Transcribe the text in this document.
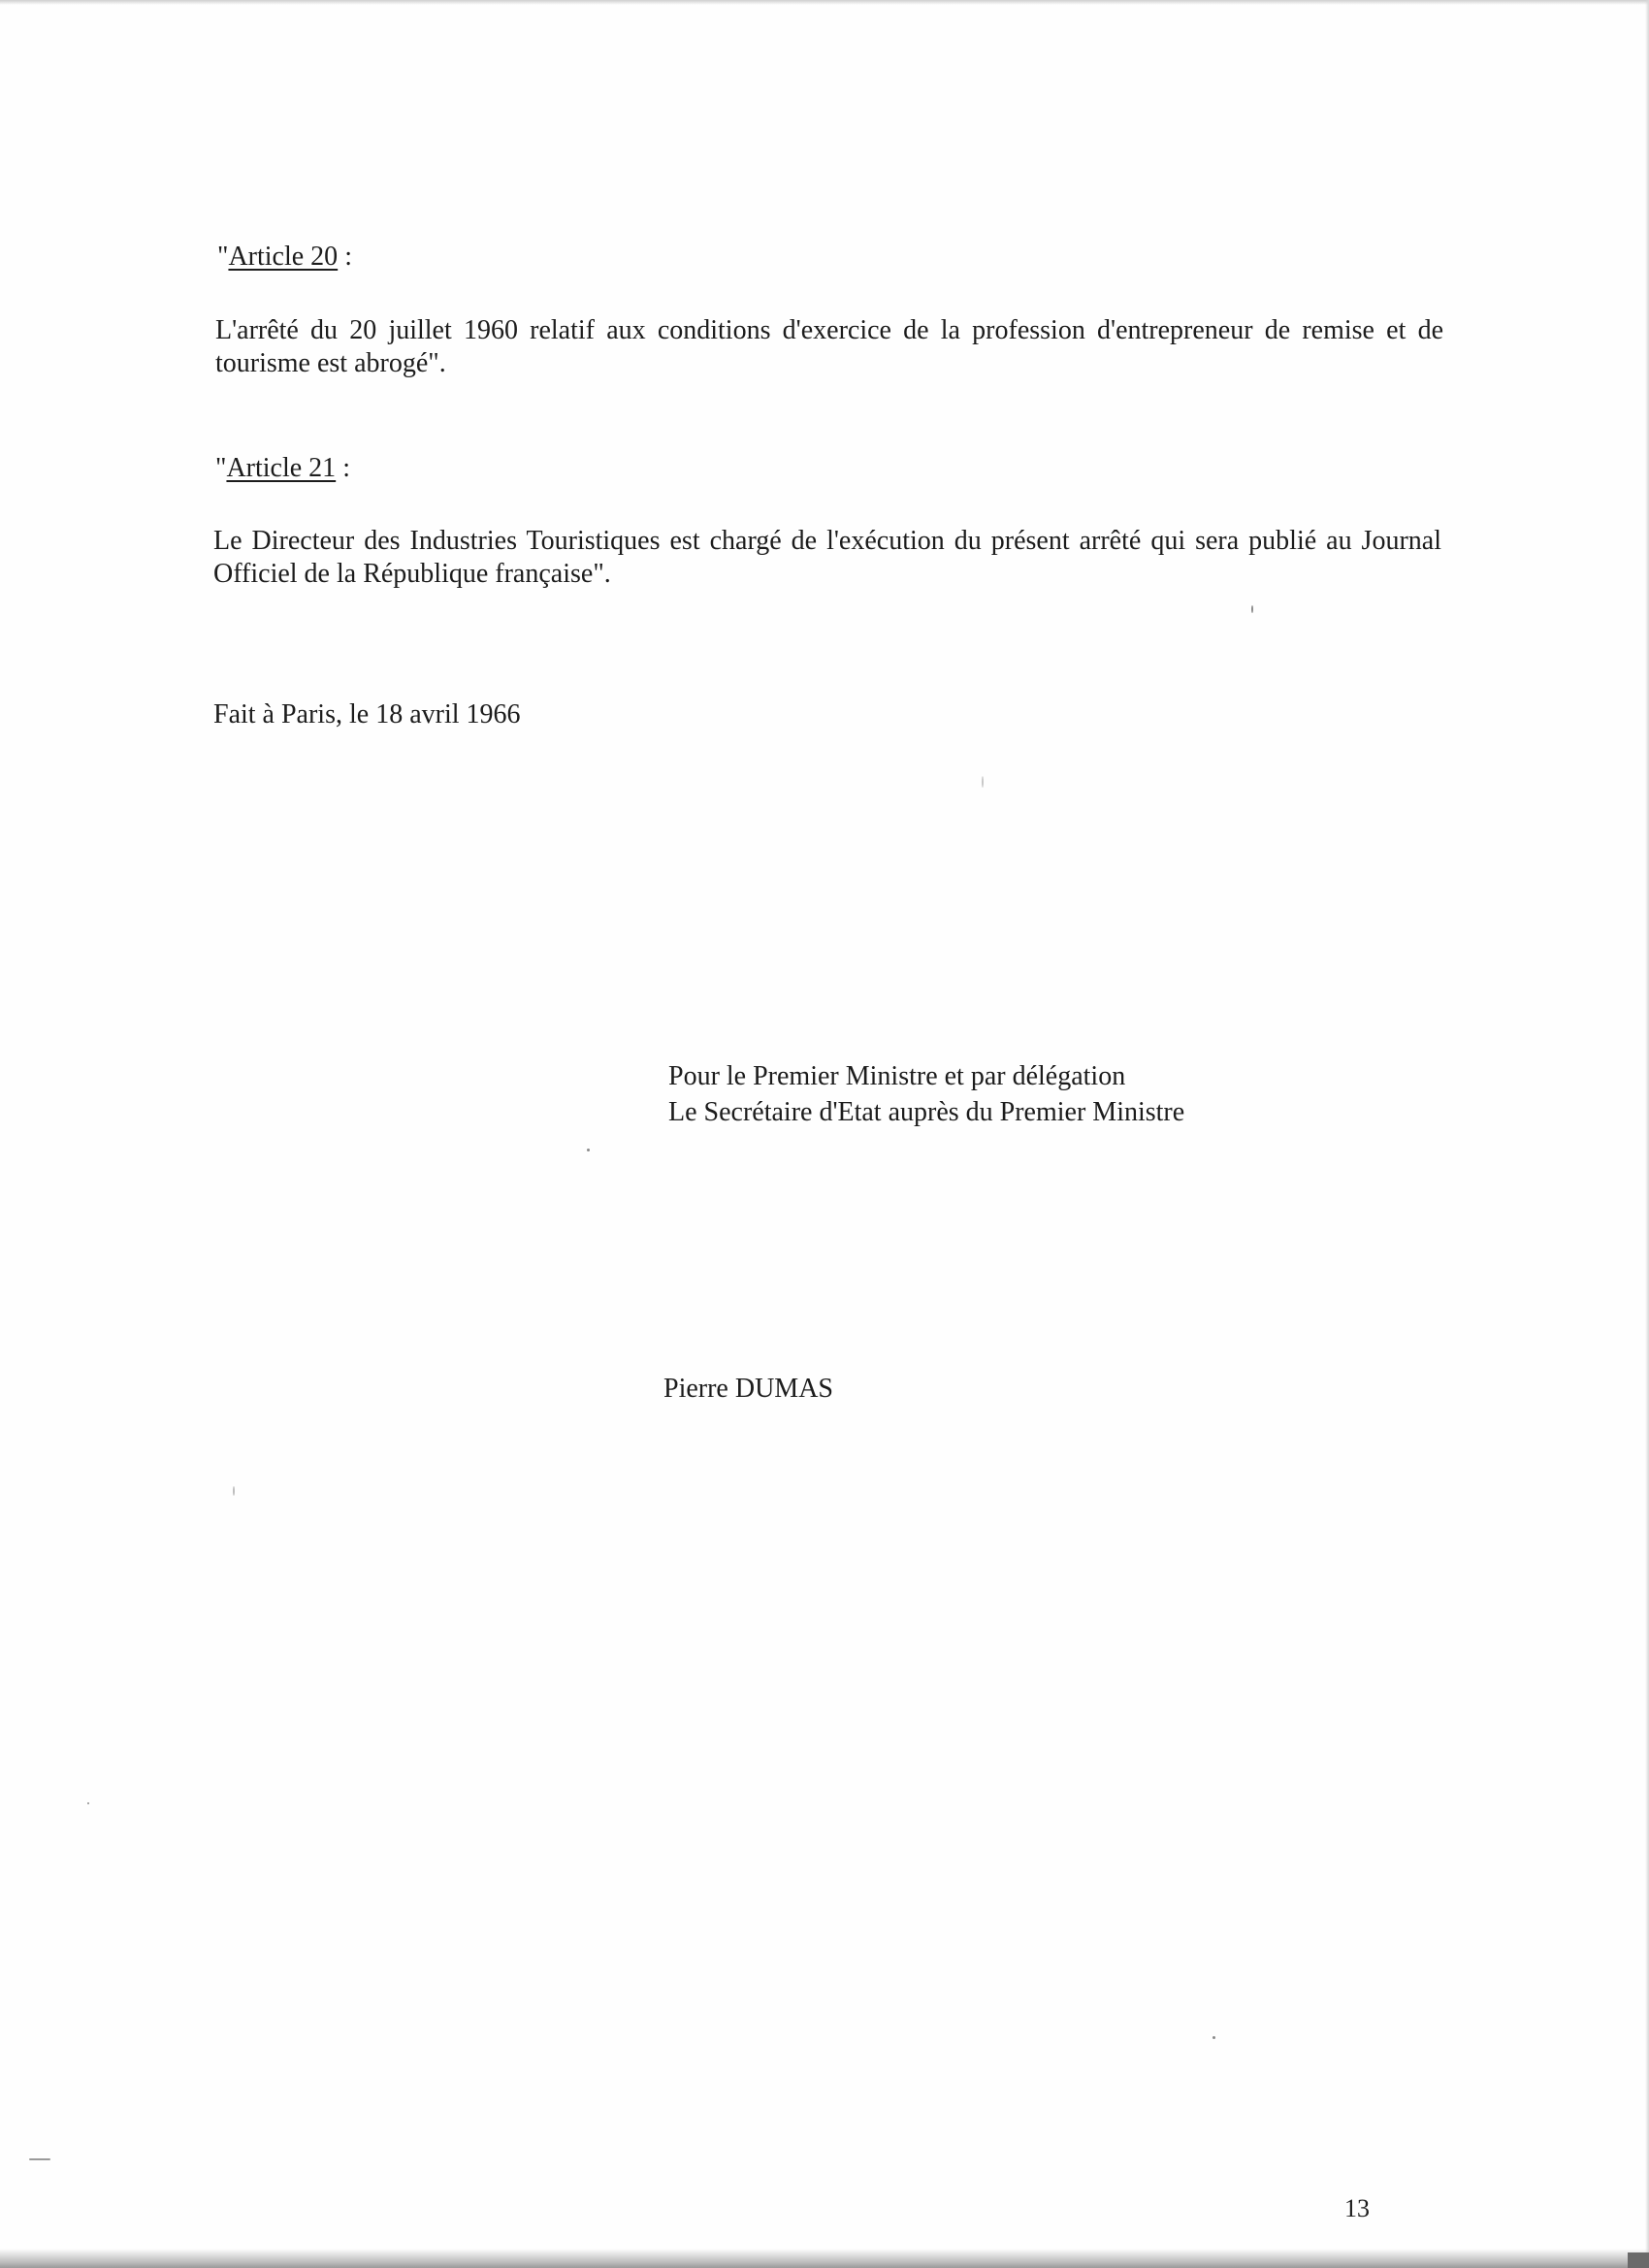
"Article 20 :
L'arrêté du 20 juillet 1960 relatif aux conditions d'exercice de la profession d'entrepreneur de remise et de tourisme est abrogé".
"Article 21 :
Le Directeur des Industries Touristiques est chargé de l'exécution du présent arrêté qui sera publié au Journal Officiel de la République française".
Fait à Paris, le 18 avril 1966
Pour le Premier Ministre et par délégation
Le Secrétaire d'Etat auprès du Premier Ministre
Pierre DUMAS
13
